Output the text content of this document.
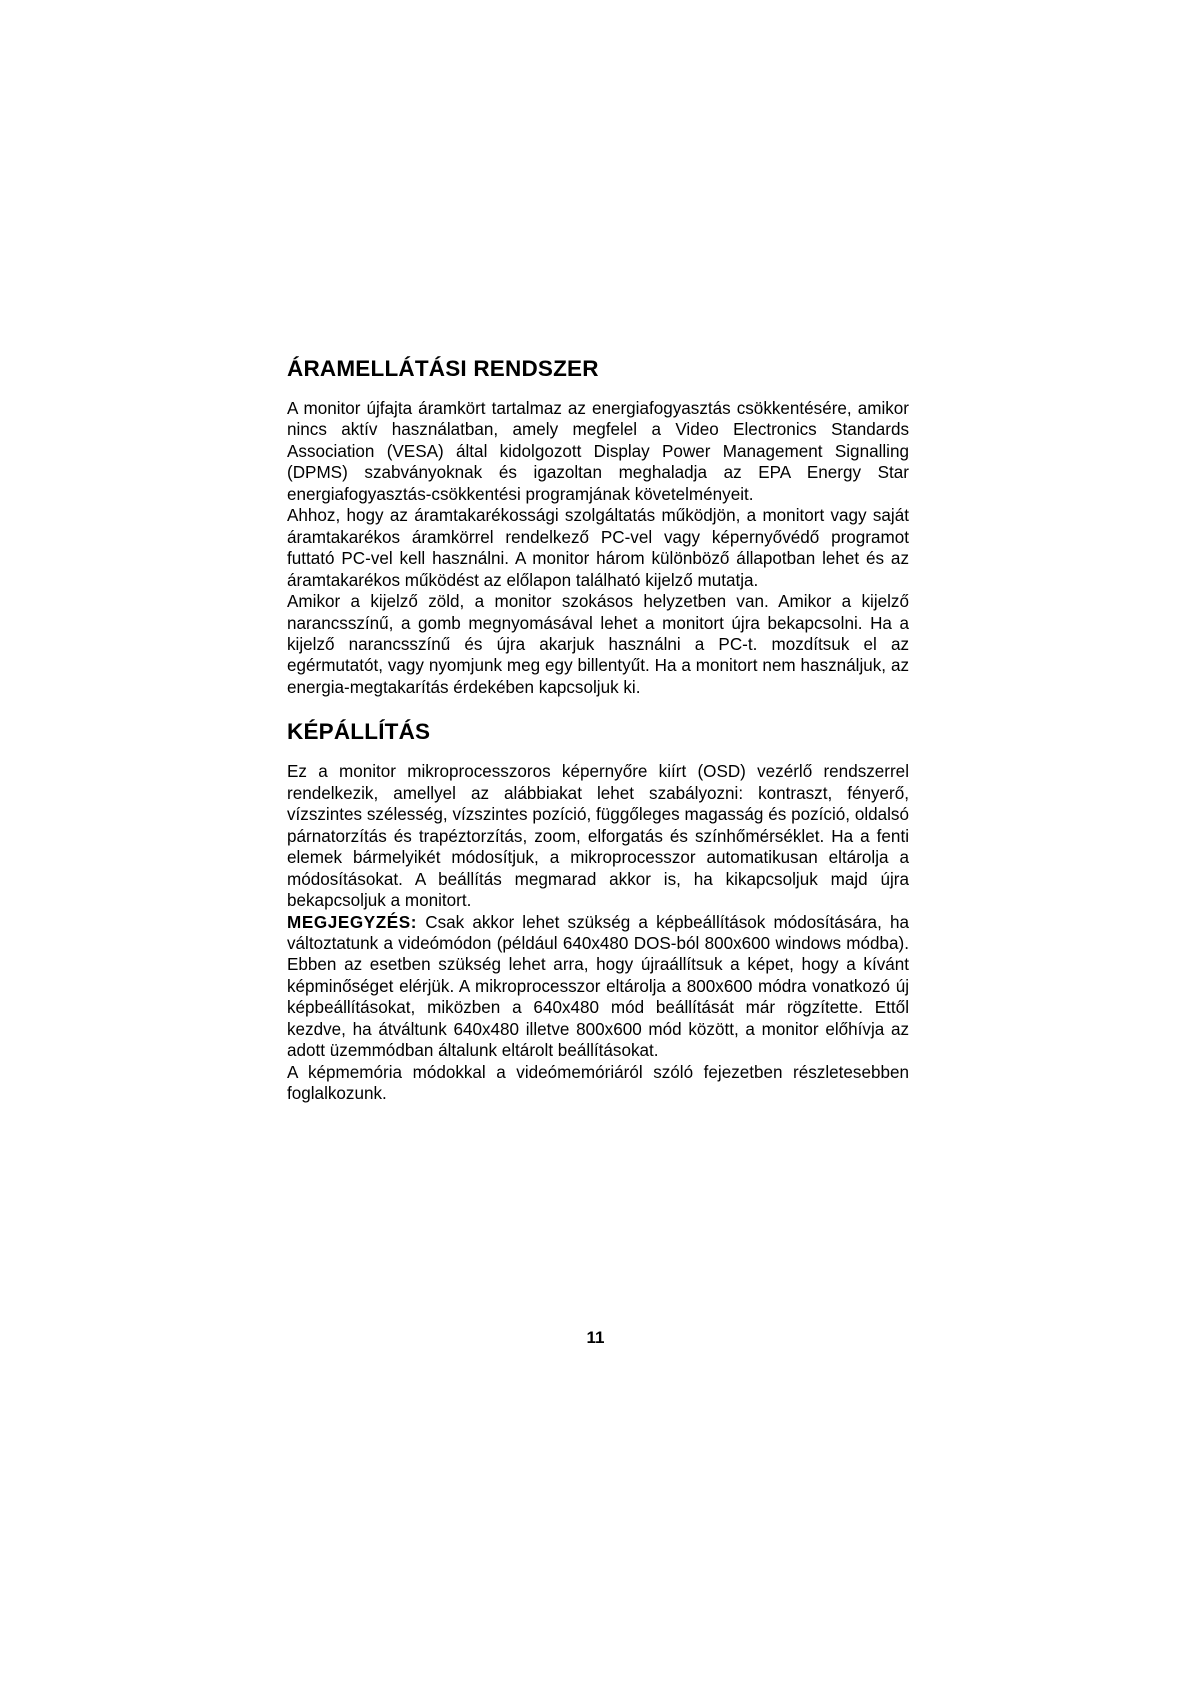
ÁRAMELLÁTÁSI RENDSZER

A monitor újfajta áramkört tartalmaz az energiafogyasztás csökkentésére, amikor nincs aktív használatban, amely megfelel a Video Electronics Standards Association (VESA) által kidolgozott Display Power Management Signalling (DPMS) szabványoknak és igazoltan meghaladja az EPA Energy Star energiafogyasztás-csökkentési programjának követelményeit.

Ahhoz, hogy az áramtakarékossági szolgáltatás működjön, a monitort vagy saját áramtakarékos áramkörrel rendelkező PC-vel vagy képernyővédő programot futtató PC-vel kell használni. A monitor három különböző állapotban lehet és az áramtakarékos működést az előlapon található kijelző mutatja.

Amikor a kijelző zöld, a monitor szokásos helyzetben van. Amikor a kijelző narancsszínű, a gomb megnyomásával lehet a monitort újra bekapcsolni. Ha a kijelző narancsszínű és újra akarjuk használni a PC-t. mozdítsuk el az egérmutatót, vagy nyomjunk meg egy billentyűt. Ha a monitort nem használjuk, az energia-megtakarítás érdekében kapcsoljuk ki.

KÉPÁLLÍTÁS

Ez a monitor mikroprocesszoros képernyőre kiírt (OSD) vezérlő rendszerrel rendelkezik, amellyel az alábbiakat lehet szabályozni: kontraszt, fényerő, vízszintes szélesség, vízszintes pozíció, függőleges magasság és pozíció, oldalsó párnatorzítás és trapéztorzítás, zoom, elforgatás és színhőmérséklet. Ha a fenti elemek bármelyikét módosítjuk, a mikroprocesszor automatikusan eltárolja a módosításokat. A beállítás megmarad akkor is, ha kikapcsoljuk majd újra bekapcsoljuk a monitort.

MEGJEGYZÉS: Csak akkor lehet szükség a képbeállítások módosítására, ha változtatunk a videómódon (például 640x480 DOS-ból 800x600 windows módba). Ebben az esetben szükség lehet arra, hogy újraállítsuk a képet, hogy a kívánt képminőséget elérjük. A mikroprocesszor eltárolja a 800x600 módra vonatkozó új képbeállításokat, miközben a 640x480 mód beállítását már rögzítette. Ettől kezdve, ha átváltunk 640x480 illetve 800x600 mód között, a monitor előhívja az adott üzemmódban általunk eltárolt beállításokat.

A képmemória módokkal a videómemóriáról szóló fejezetben részletesebben foglalkozunk.

11
